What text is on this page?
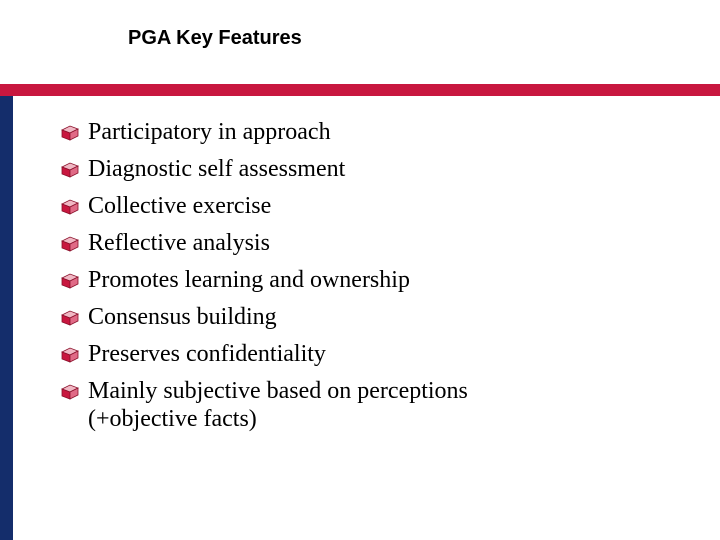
PGA Key Features
Participatory in approach
Diagnostic self assessment
Collective exercise
Reflective analysis
Promotes learning and ownership
Consensus building
Preserves confidentiality
Mainly subjective based on perceptions
(+objective facts)
